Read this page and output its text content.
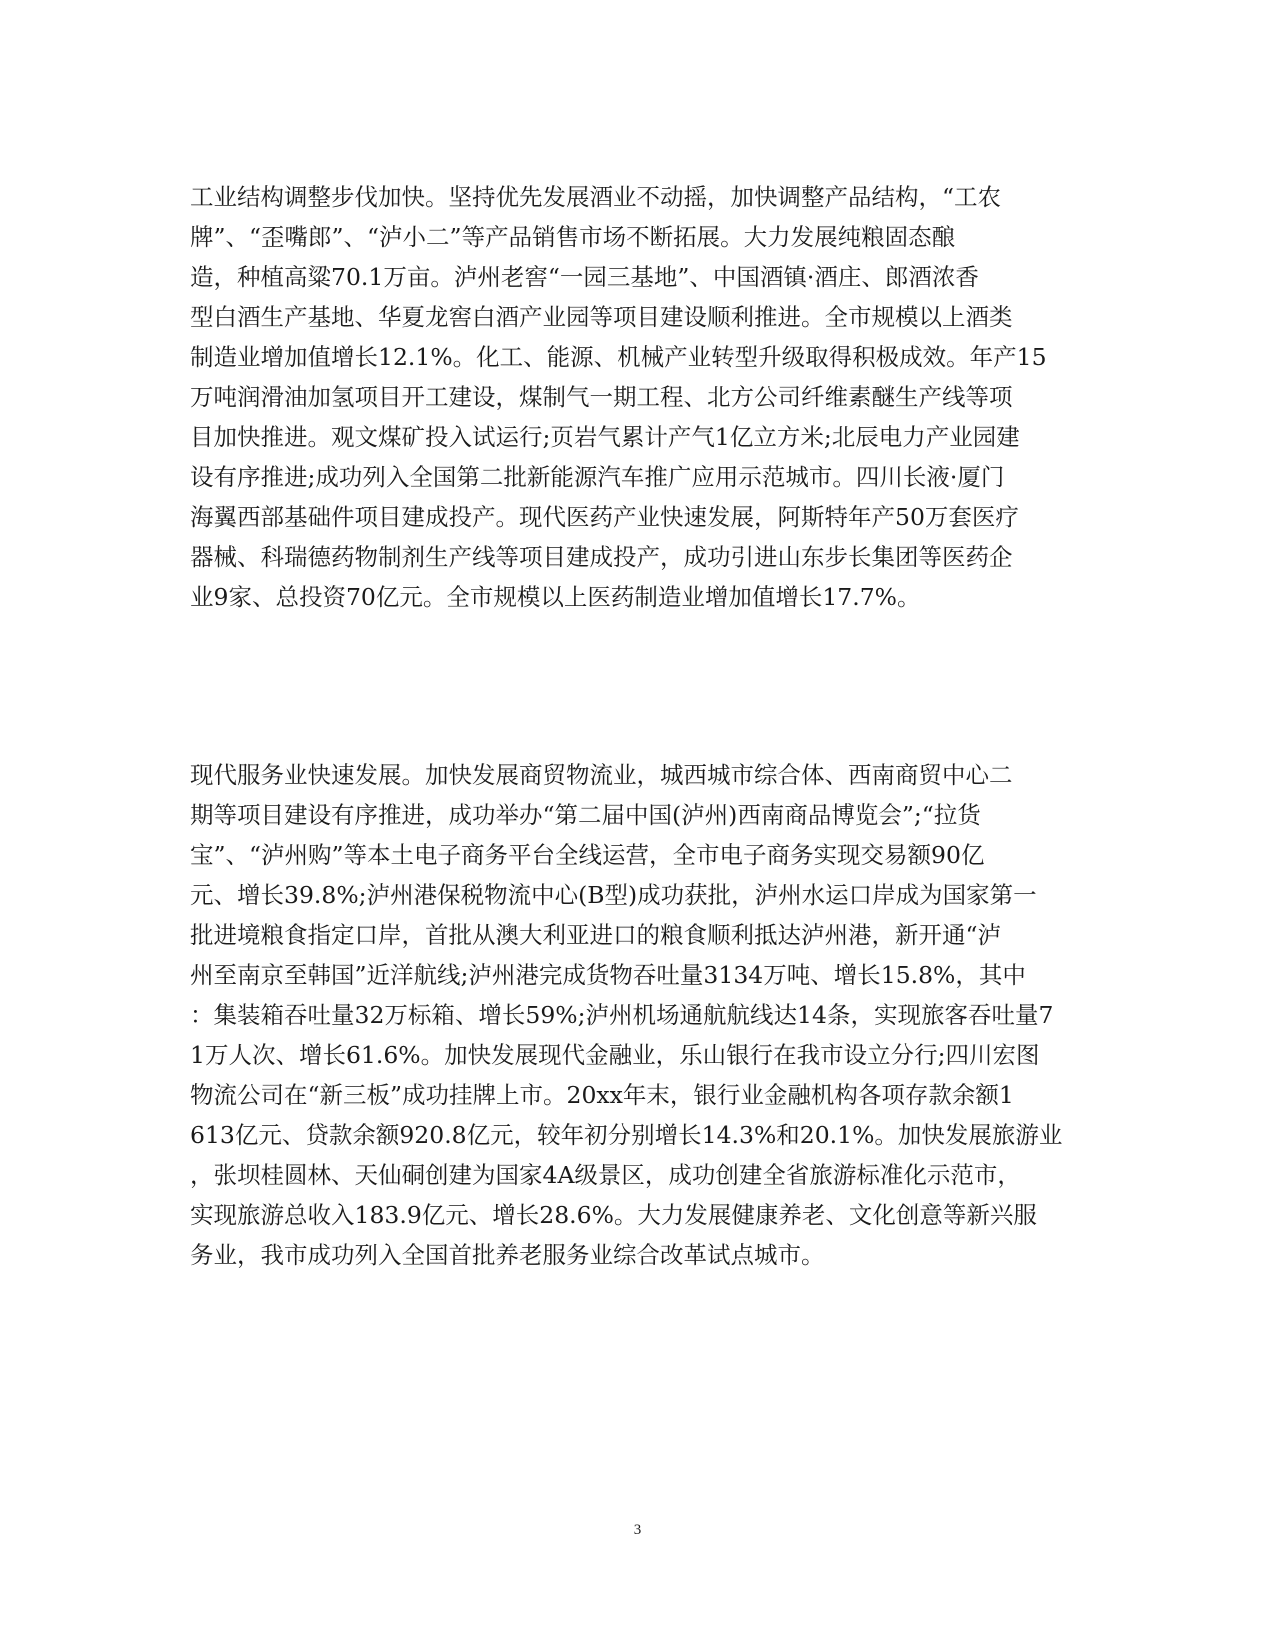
工业结构调整步伐加快。坚持优先发展酒业不动摇，加快调整产品结构，“工农
牌”、“歪嘴郎”、“泸小二”等产品销售市场不断拓展。大力发展纯粮固态酿
造，种植高粱70.1万亩。泸州老窖“一园三基地”、中国酒镇·酒庄、郎酒浓香
型白酒生产基地、华夏龙窖白酒产业园等项目建设顺利推进。全市规模以上酒类
制造业增加值增长12.1%。化工、能源、机械产业转型升级取得积极成效。年产15
万吨润滑油加氢项目开工建设，煤制气一期工程、北方公司纤维素醚生产线等项
目加快推进。观文煤矿投入试运行;页岩气累计产气1亿立方米;北辰电力产业园建
设有序推进;成功列入全国第二批新能源汽车推广应用示范城市。四川长液·厦门
海翼西部基础件项目建成投产。现代医药产业快速发展，阿斯特年产50万套医疗
器械、科瑞德药物制剂生产线等项目建成投产，成功引进山东步长集团等医药企
业9家、总投资70亿元。全市规模以上医药制造业增加值增长17.7%。
现代服务业快速发展。加快发展商贸物流业，城西城市综合体、西南商贸中心二
期等项目建设有序推进，成功举办“第二届中国(泸州)西南商品博览会”;“拉货
宝”、“泸州购”等本土电子商务平台全线运营，全市电子商务实现交易额90亿
元、增长39.8%;泸州港保税物流中心(B型)成功获批，泸州水运口岸成为国家第一
批进境粮食指定口岸，首批从澳大利亚进口的粮食顺利抵达泸州港，新开通“泸
州至南京至韩国”近洋航线;泸州港完成货物吞吐量3134万吨、增长15.8%，其中
：集装箱吞吐量32万标箱、增长59%;泸州机场通航航线达14条，实现旅客吞吐量7
1万人次、增长61.6%。加快发展现代金融业，乐山银行在我市设立分行;四川宏图
物流公司在“新三板”成功挂牌上市。20xx年末，银行业金融机构各项存款余额1
613亿元、贷款余额920.8亿元，较年初分别增长14.3%和20.1%。加快发展旅游业
，张坝桂圆林、天仙硐创建为国家4A级景区，成功创建全省旅游标准化示范市，
实现旅游总收入183.9亿元、增长28.6%。大力发展健康养老、文化创意等新兴服
务业，我市成功列入全国首批养老服务业综合改革试点城市。
3
